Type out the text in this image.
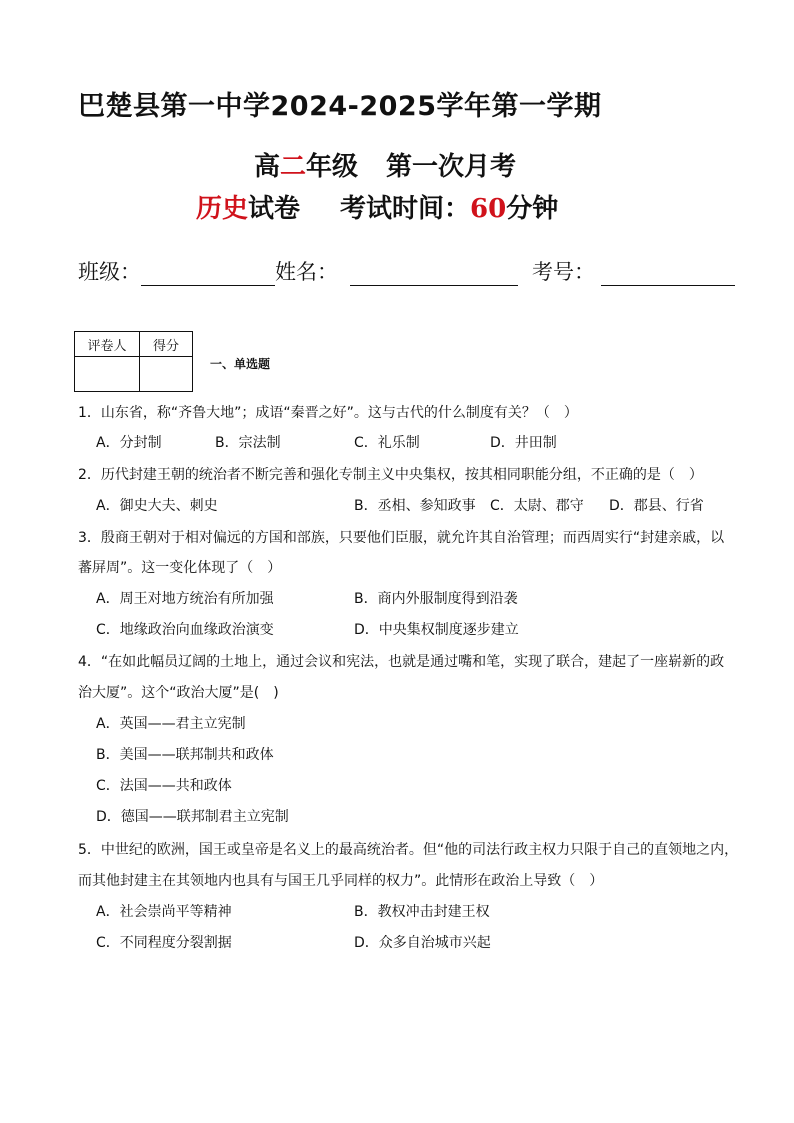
巴楚县第一中学2024-2025学年第一学期
高二年级 第一次月考
历史试卷 考试时间：60分钟
班级：	姓名：	考号：
评卷人	得分

一、单选题
1．山东省，称“齐鲁大地”；成语“秦晋之好”。这与古代的什么制度有关？（　）
A．分封制	B．宗法制	C．礼乐制	D．井田制
2．历代封建王朝的统治者不断完善和强化专制主义中央集权，按其相同职能分组，不正确的是（　）
A．御史大夫、刺史	B．丞相、参知政事 C．太尉、郡守 D．郡县、行省
3．殷商王朝对于相对偏远的方国和部族，只要他们臣服，就允许其自治管理；而西周实行“封建亲戚，以
蕃屏周”。这一变化体现了（　）
A．周王对地方统治有所加强	B．商内外服制度得到沿袭
C．地缘政治向血缘政治演变	D．中央集权制度逐步建立
4．“在如此幅员辽阔的土地上，通过会议和宪法，也就是通过嘴和笔，实现了联合，建起了一座崭新的政
治大厦”。这个“政治大厦”是(　)
A．英国——君主立宪制
B．美国——联邦制共和政体
C．法国——共和政体
D．德国——联邦制君主立宪制
5．中世纪的欧洲，国王或皇帝是名义上的最高统治者。但“他的司法行政主权力只限于自己的直领地之内，
而其他封建主在其领地内也具有与国王几乎同样的权力”。此情形在政治上导致（　）
A．社会崇尚平等精神	B．教权冲击封建王权
C．不同程度分裂割据	D．众多自治城市兴起
